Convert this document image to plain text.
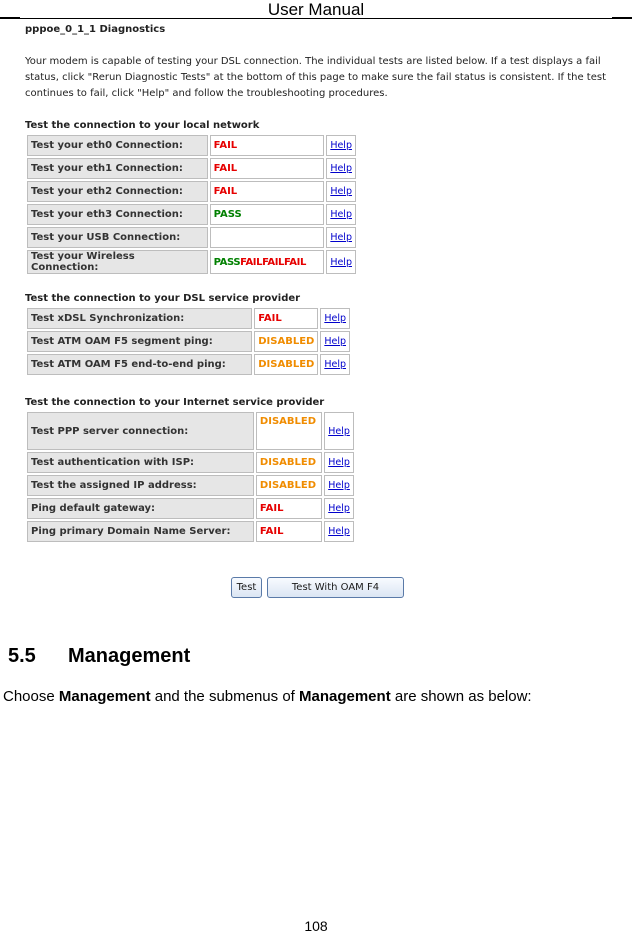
User Manual
pppoe_0_1_1 Diagnostics
Your modem is capable of testing your DSL connection. The individual tests are listed below. If a test displays a fail status, click "Rerun Diagnostic Tests" at the bottom of this page to make sure the fail status is consistent. If the test continues to fail, click "Help" and follow the troubleshooting procedures.
Test the connection to your local network
Test your eth0 Connection:	FAIL	Help
Test your eth1 Connection:	FAIL	Help
Test your eth2 Connection:	FAIL	Help
Test your eth3 Connection:	PASS	Help
Test your USB Connection:		Help
Test your Wireless Connection:	PASSFAILFAILFAIL	Help
Test the connection to your DSL service provider
Test xDSL Synchronization:	FAIL	Help
Test ATM OAM F5 segment ping:	DISABLED	Help
Test ATM OAM F5 end-to-end ping:	DISABLED	Help
Test the connection to your Internet service provider
Test PPP server connection:	DISABLED	Help
Test authentication with ISP:	DISABLED	Help
Test the assigned IP address:	DISABLED	Help
Ping default gateway:	FAIL	Help
Ping primary Domain Name Server:	FAIL	Help
Test	Test With OAM F4
5.5 Management
Choose Management and the submenus of Management are shown as below:
108
